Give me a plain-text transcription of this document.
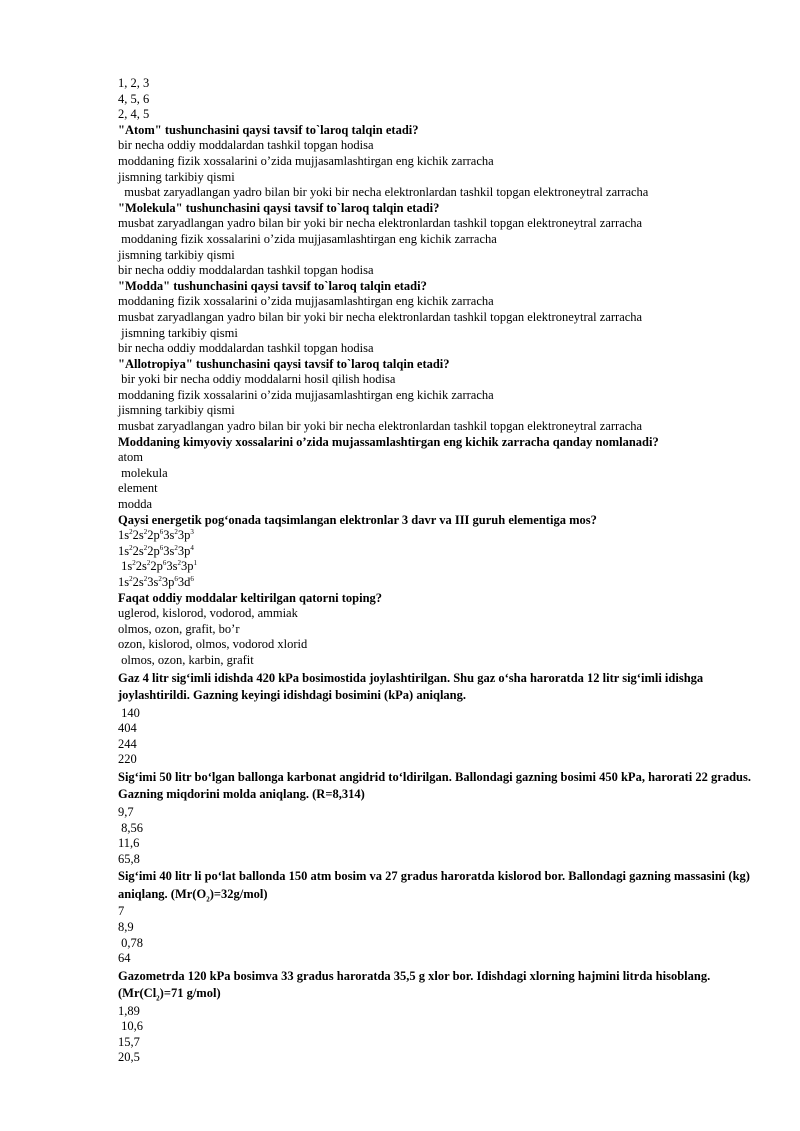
1, 2, 3
4, 5, 6
2, 4, 5
"Atom" tushunchasini qaysi tavsif to`laroq talqin etadi?
bir necha oddiy moddalardan tashkil topgan hodisa
moddaning fizik xossalarini o’zida mujjasamlashtirgan eng kichik zarracha
jismning tarkibiy qismi
musbat zaryadlangan yadro bilan bir yoki bir necha elektronlardan tashkil topgan elektroneytral zarracha
"Molekula" tushunchasini qaysi tavsif to`laroq talqin etadi?
musbat zaryadlangan yadro bilan bir yoki bir necha elektronlardan tashkil topgan elektroneytral zarracha
moddaning fizik xossalarini o’zida mujjasamlashtirgan eng kichik zarracha
jismning tarkibiy qismi
bir necha oddiy moddalardan tashkil topgan hodisa
"Modda" tushunchasini qaysi tavsif to`laroq talqin etadi?
moddaning fizik xossalarini o’zida mujjasamlashtirgan eng kichik zarracha
musbat zaryadlangan yadro bilan bir yoki bir necha elektronlardan tashkil topgan elektroneytral zarracha
jismning tarkibiy qismi
bir necha oddiy moddalardan tashkil topgan hodisa
"Allotropiya" tushunchasini qaysi tavsif to`laroq talqin etadi?
bir yoki bir necha oddiy moddalarni hosil qilish hodisa
moddaning fizik xossalarini o’zida mujjasamlashtirgan eng kichik zarracha
jismning tarkibiy qismi
musbat zaryadlangan yadro bilan bir yoki bir necha elektronlardan tashkil topgan elektroneytral zarracha
Moddaning kimyoviy xossalarini o’zida mujassamlashtirgan eng kichik zarracha qanday nomlanadi?
atom
molekula
element
modda
Qaysi energetik pog‘onada taqsimlangan elektronlar 3 davr va III guruh elementiga mos?
$1s^22s^22p^63s^23p^3$
$1s^22s^22p^63s^23p^4$
$1s^22s^22p^63s^23p^1$
$1s^22s^23s^23p^63d^6$
Faqat oddiy moddalar keltirilgan qatorni toping?
uglerod, kislorod, vodorod, ammiak
olmos, ozon, grafit, bo’r
ozon, kislorod, olmos, vodorod xlorid
olmos, ozon, karbin, grafit
Gaz 4 litr sig‘imli idishda 420 kPa bosimostida joylashtirilgan. Shu gaz o‘sha haroratda 12 litr sig‘imli idishga joylashtirildi. Gazning keyingi idishdagi bosimini (kPa) aniqlang.
140
404
244
220
Sig‘imi 50 litr bo‘lgan ballonga karbonat angidrid to‘ldirilgan. Ballondagi gazning bosimi 450 kPa, harorati 22 gradus. Gazning miqdorini molda aniqlang. (R=8,314)
9,7
8,56
11,6
65,8
Sig‘imi 40 litr li po‘lat ballonda 150 atm bosim va 27 gradus haroratda kislorod bor. Ballondagi gazning massasini (kg) aniqlang. $(Mr(O_2)=32g/mol)$
7
8,9
0,78
64
Gazometrda 120 kPa bosimva 33 gradus haroratda 35,5 g xlor bor. Idishdagi xlorning hajmini litrda hisoblang.  ($Mr(Cl_2)=71$ g/mol)
1,89
10,6
15,7
20,5
